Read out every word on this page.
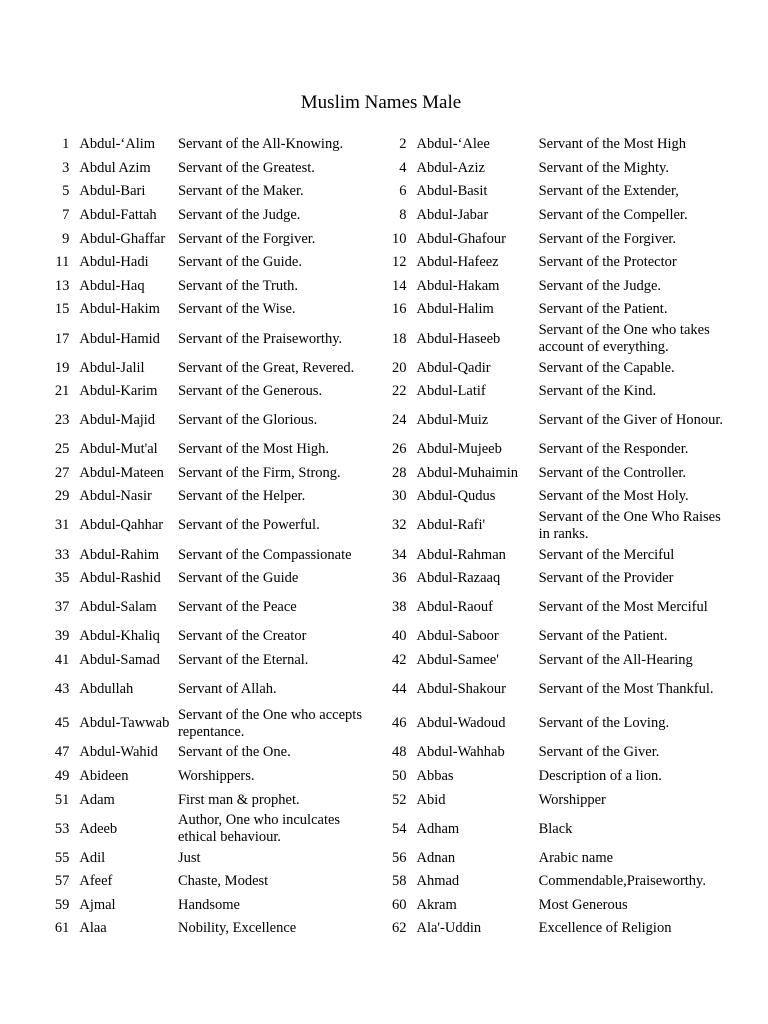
Muslim Names Male
1	Abdul-‘Alim	Servant of the All-Knowing.	2	Abdul-‘Alee	Servant of the Most High
3	Abdul Azim	Servant of the Greatest.	4	Abdul-Aziz	Servant of the Mighty.
5	Abdul-Bari	Servant of the Maker.	6	Abdul-Basit	Servant of the Extender,
7	Abdul-Fattah	Servant of the Judge.	8	Abdul-Jabar	Servant of the Compeller.
9	Abdul-Ghaffar	Servant of the Forgiver.	10	Abdul-Ghafour	Servant of the Forgiver.
11	Abdul-Hadi	Servant of the Guide.	12	Abdul-Hafeez	Servant of the Protector
13	Abdul-Haq	Servant of the Truth.	14	Abdul-Hakam	Servant of the Judge.
15	Abdul-Hakim	Servant of the Wise.	16	Abdul-Halim	Servant of the Patient.
17	Abdul-Hamid	Servant of the Praiseworthy.	18	Abdul-Haseeb	Servant of the One who takes account of everything.
19	Abdul-Jalil	Servant of the Great, Revered.	20	Abdul-Qadir	Servant of the Capable.
21	Abdul-Karim	Servant of the Generous.	22	Abdul-Latif	Servant of the Kind.
23	Abdul-Majid	Servant of the Glorious.	24	Abdul-Muiz	Servant of the Giver of Honour.
25	Abdul-Mut'al	Servant of the Most High.	26	Abdul-Mujeeb	Servant of the Responder.
27	Abdul-Mateen	Servant of the Firm, Strong.	28	Abdul-Muhaimin	Servant of the Controller.
29	Abdul-Nasir	Servant of the Helper.	30	Abdul-Qudus	Servant of the Most Holy.
31	Abdul-Qahhar	Servant of the Powerful.	32	Abdul-Rafi'	Servant of the One Who Raises in ranks.
33	Abdul-Rahim	Servant of the Compassionate	34	Abdul-Rahman	Servant of the Merciful
35	Abdul-Rashid	Servant of the Guide	36	Abdul-Razaaq	Servant of the Provider
37	Abdul-Salam	Servant of the Peace	38	Abdul-Raouf	Servant of the Most Merciful
39	Abdul-Khaliq	Servant of the Creator	40	Abdul-Saboor	Servant of the Patient.
41	Abdul-Samad	Servant of the Eternal.	42	Abdul-Samee'	Servant of the All-Hearing
43	Abdullah	Servant of Allah.	44	Abdul-Shakour	Servant of the Most Thankful.
45	Abdul-Tawwab	Servant of the One who accepts repentance.	46	Abdul-Wadoud	Servant of the Loving.
47	Abdul-Wahid	Servant of the One.	48	Abdul-Wahhab	Servant of the Giver.
49	Abideen	Worshippers.	50	Abbas	Description of a lion.
51	Adam	First man & prophet.	52	Abid	Worshipper
53	Adeeb	Author, One who inculcates ethical behaviour.	54	Adham	Black
55	Adil	Just	56	Adnan	Arabic name
57	Afeef	Chaste, Modest	58	Ahmad	Commendable,Praiseworthy.
59	Ajmal	Handsome	60	Akram	Most Generous
61	Alaa	Nobility, Excellence	62	Ala'-Uddin	Excellence of Religion
